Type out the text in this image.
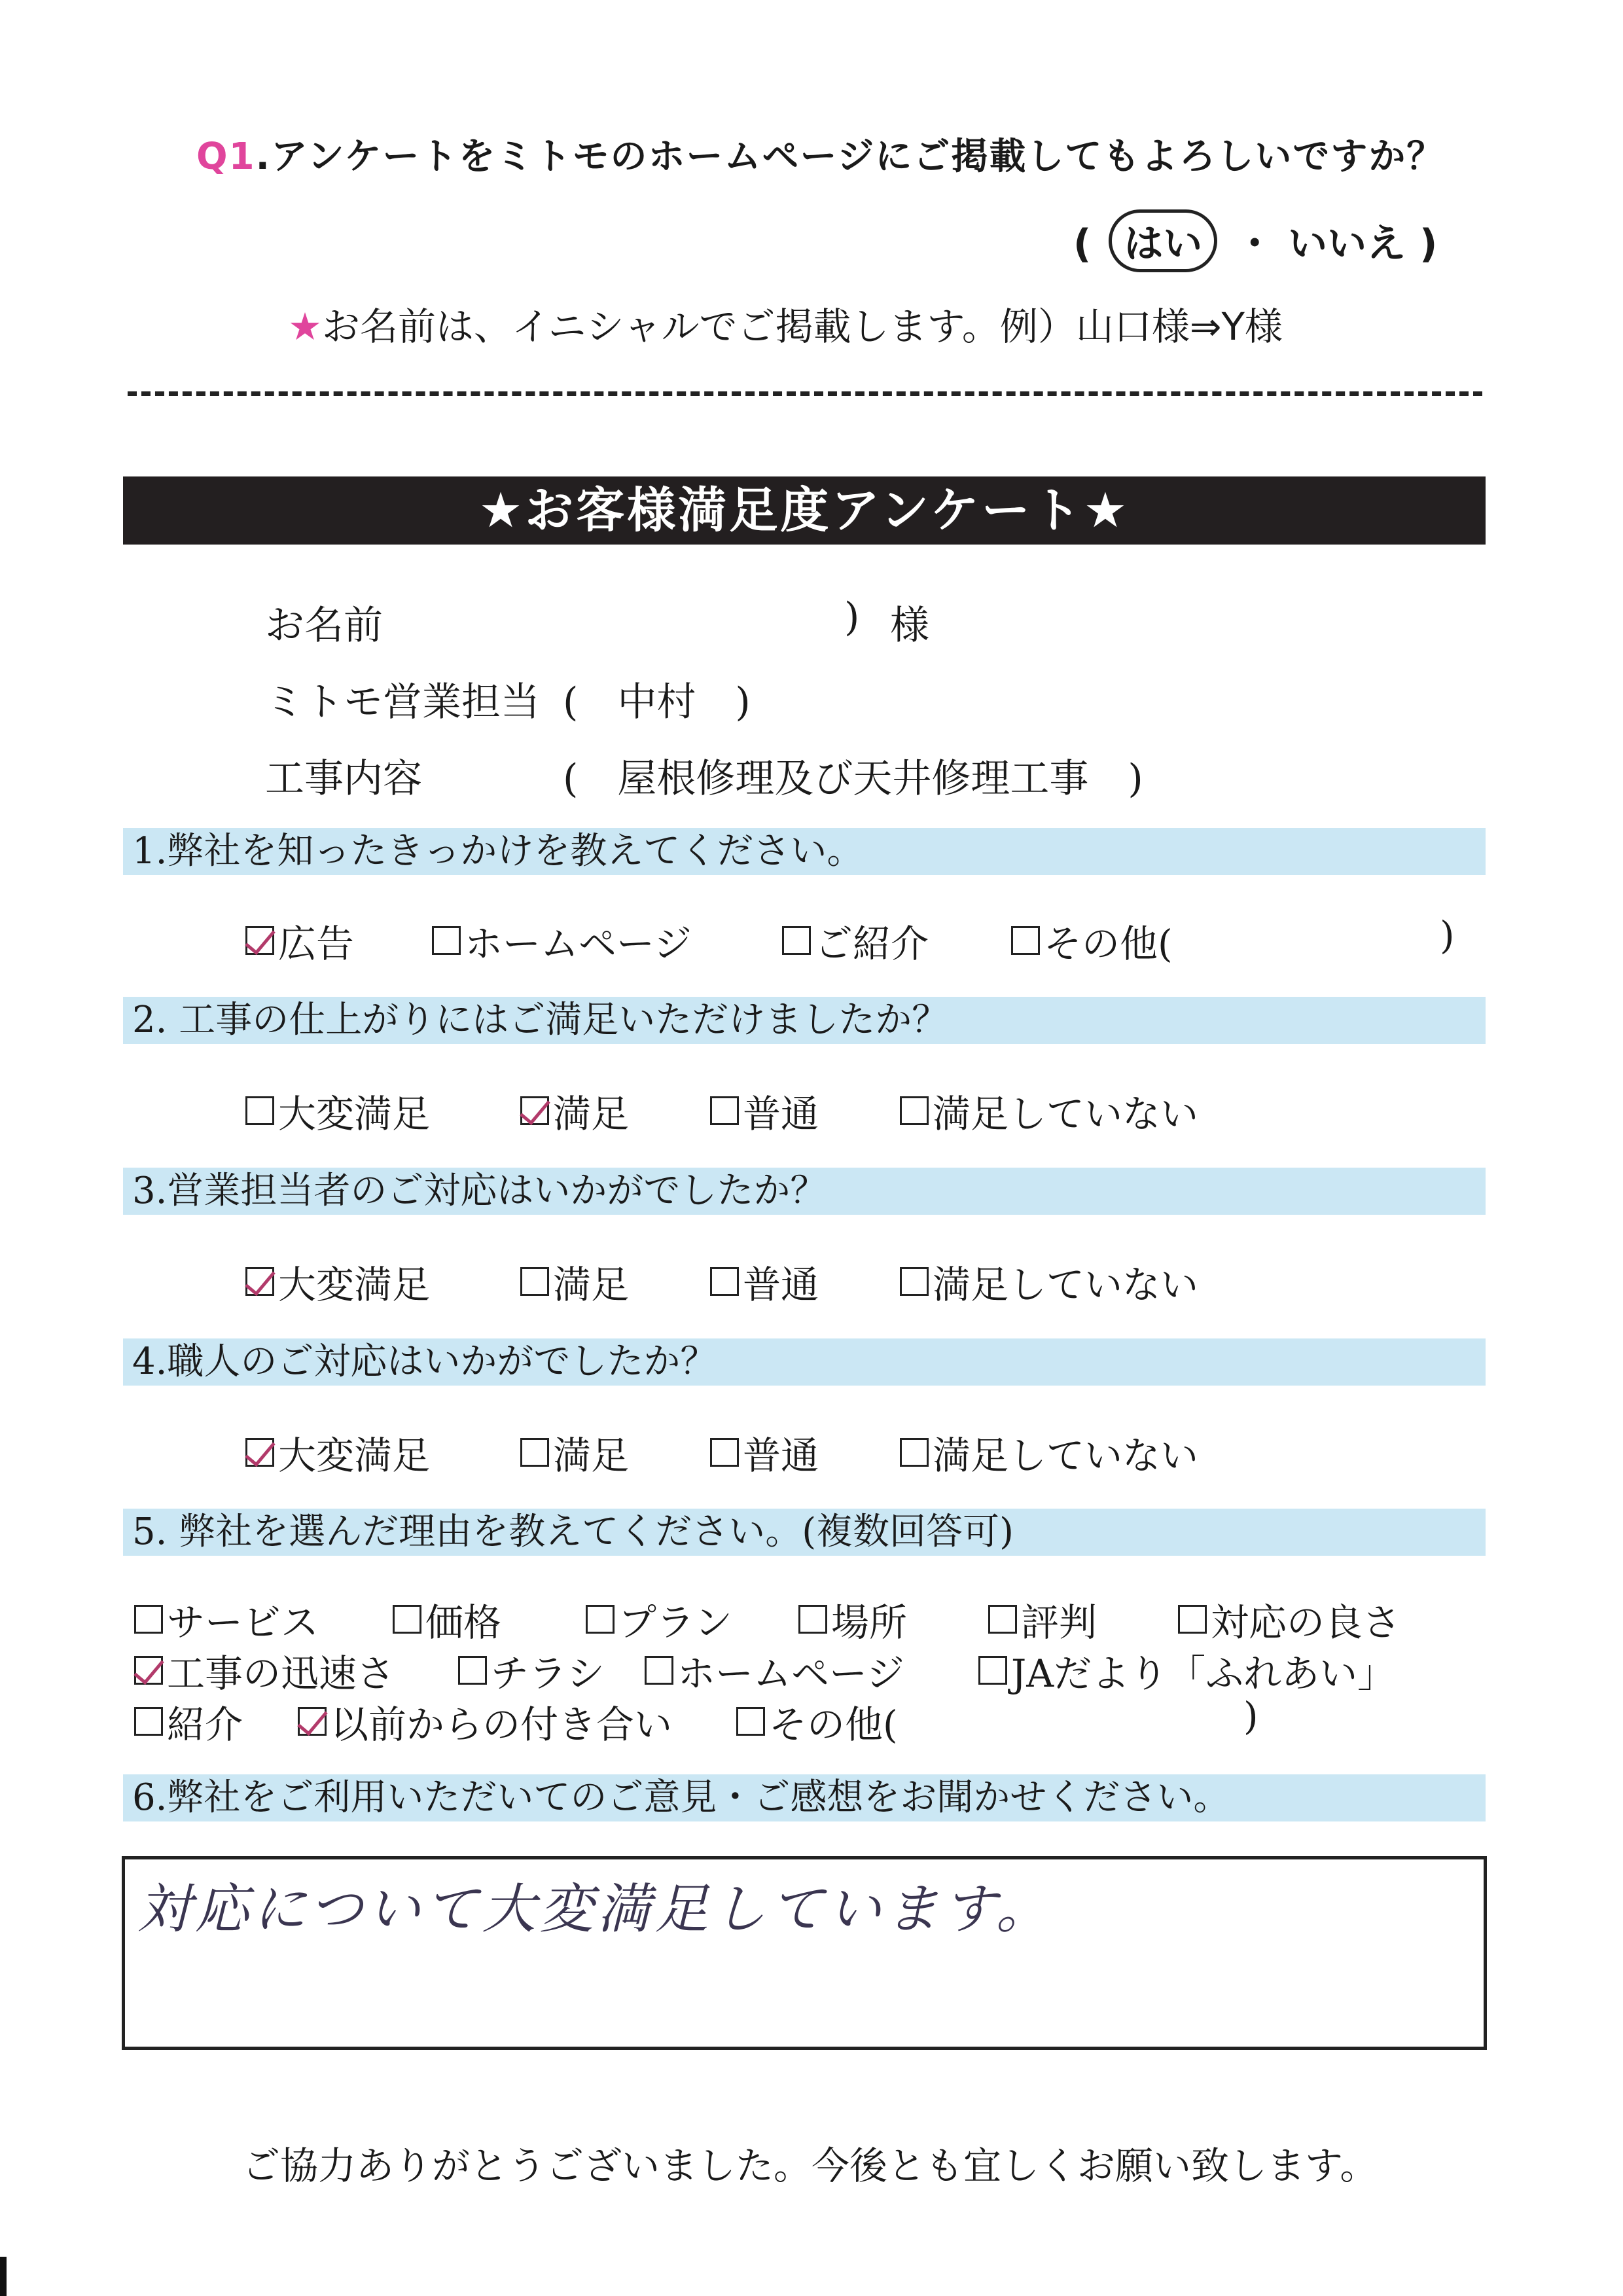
Q1.アンケートをミトモのホームページにご掲載してもよろしいですか？
( はい ・ いいえ )
★お名前は、イニシャルでご掲載します。例）山口様⇒Y様
★お客様満足度アンケート★
お名前	) 様
ミトモ営業担当 (　中村　)
工事内容	(　屋根修理及び天井修理工事　)
1.弊社を知ったきっかけを教えてください。
広告	ホームページ	ご紹介	その他(	)
2. 工事の仕上がりにはご満足いただけましたか？
大変満足	満足	普通	満足していない
3.営業担当者のご対応はいかがでしたか？
大変満足	満足	普通	満足していない
4.職人のご対応はいかがでしたか？
大変満足	満足	普通	満足していない
5. 弊社を選んだ理由を教えてください。(複数回答可)
サービス	価格	プラン	場所	評判	対応の良さ
工事の迅速さ	チラシ ホームページ	JAだより「ふれあい」
紹介 以前からの付き合い	その他(	)
6.弊社をご利用いただいてのご意見・ご感想をお聞かせください。
対応について大変満足しています。
ご協力ありがとうございました。今後とも宜しくお願い致します。
